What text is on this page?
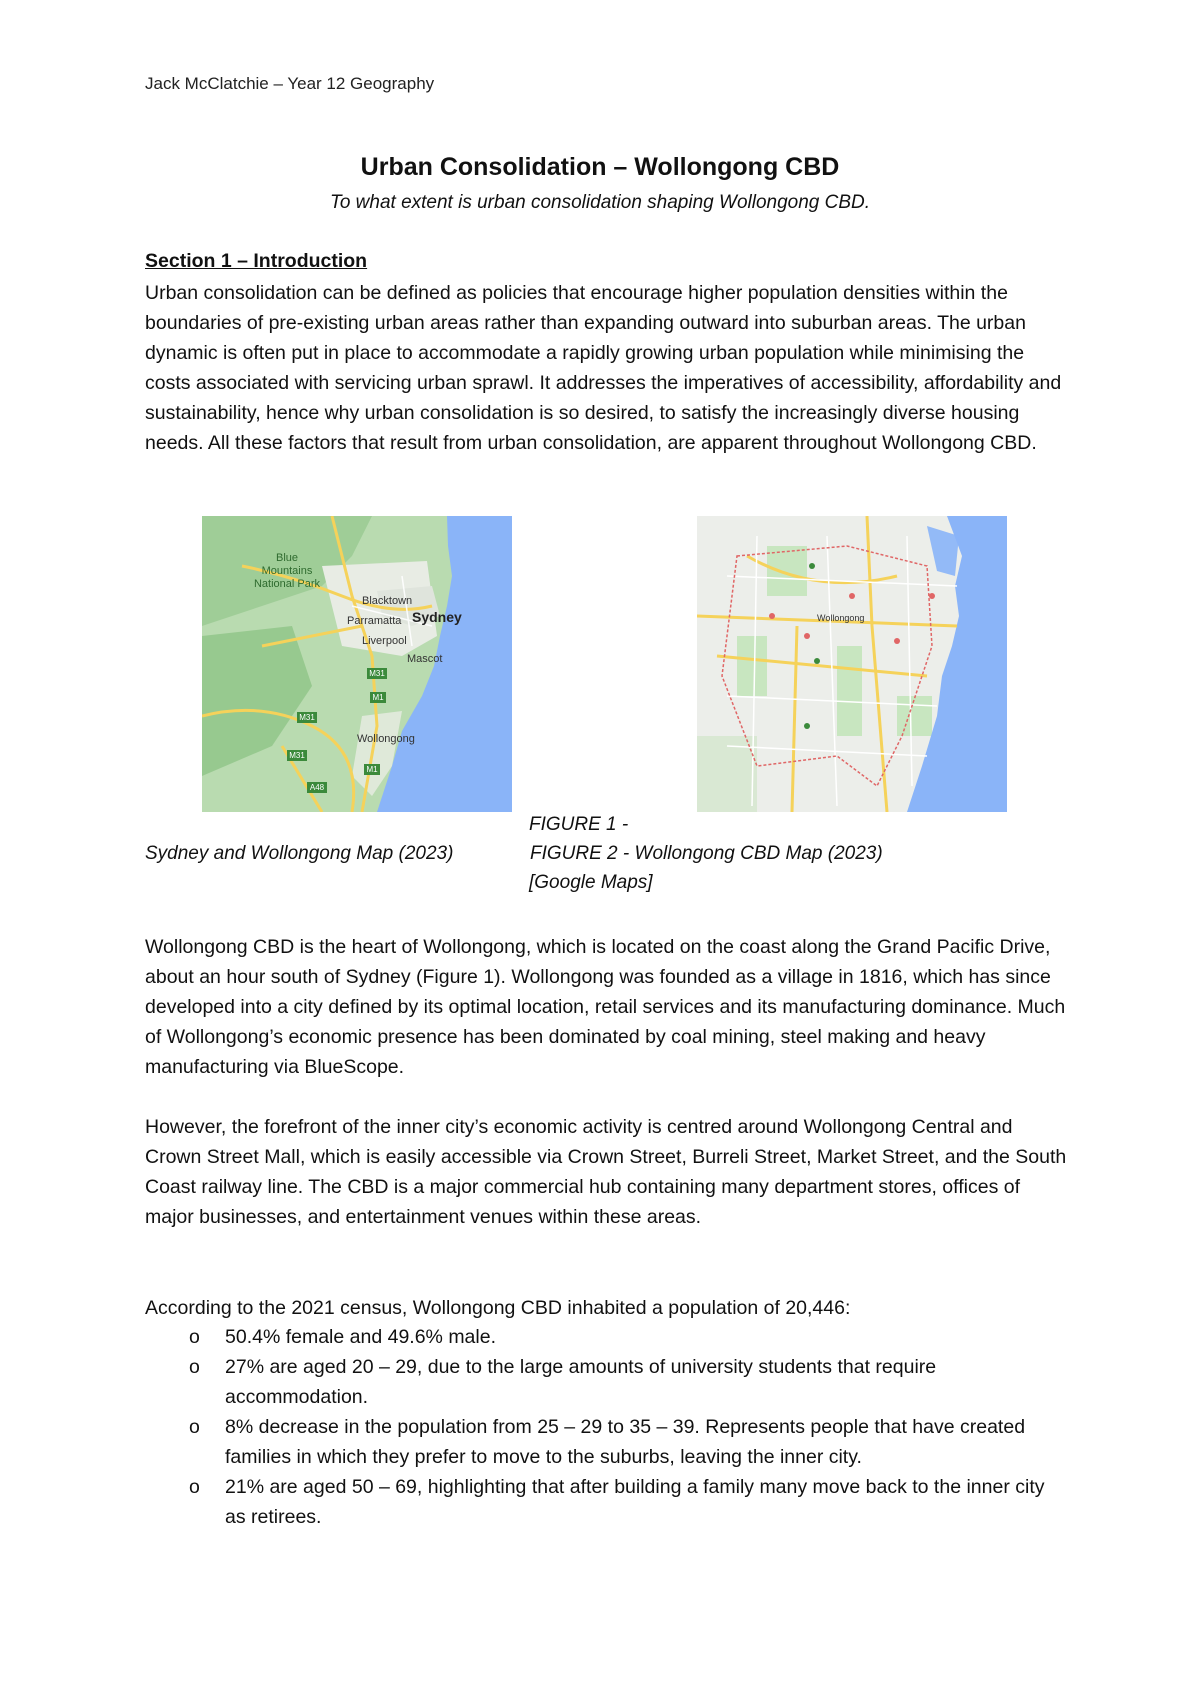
Jack McClatchie – Year 12 Geography
Urban Consolidation – Wollongong CBD
To what extent is urban consolidation shaping Wollongong CBD.
Section 1 – Introduction
Urban consolidation can be defined as policies that encourage higher population densities within the boundaries of pre-existing urban areas rather than expanding outward into suburban areas. The urban dynamic is often put in place to accommodate a rapidly growing urban population while minimising the costs associated with servicing urban sprawl. It addresses the imperatives of accessibility, affordability and sustainability, hence why urban consolidation is so desired, to satisfy the increasingly diverse housing needs. All these factors that result from urban consolidation, are apparent throughout Wollongong CBD.
Blue
Mountains
National Park
Blacktown
Parramatta
Liverpool
Mascot
Wollongong
Sydney
M31
M31
M31
M1
M1
A48
Wollongong
FIGURE 1 -
Sydney and Wollongong Map (2023)	FIGURE 2 - Wollongong CBD Map (2023)
[Google Maps]
Wollongong CBD is the heart of Wollongong, which is located on the coast along the Grand Pacific Drive, about an hour south of Sydney (Figure 1). Wollongong was founded as a village in 1816, which has since developed into a city defined by its optimal location, retail services and its manufacturing dominance. Much of Wollongong’s economic presence has been dominated by coal mining, steel making and heavy manufacturing via BlueScope.
However, the forefront of the inner city’s economic activity is centred around Wollongong Central and Crown Street Mall, which is easily accessible via Crown Street, Burreli Street, Market Street, and the South Coast railway line. The CBD is a major commercial hub containing many department stores, offices of major businesses, and entertainment venues within these areas.
According to the 2021 census, Wollongong CBD inhabited a population of 20,446:
o 50.4% female and 49.6% male.
o 27% are aged 20 – 29, due to the large amounts of university students that require accommodation.
o 8% decrease in the population from 25 – 29 to 35 – 39. Represents people that have created families in which they prefer to move to the suburbs, leaving the inner city.
o 21% are aged 50 – 69, highlighting that after building a family many move back to the inner city as retirees.
